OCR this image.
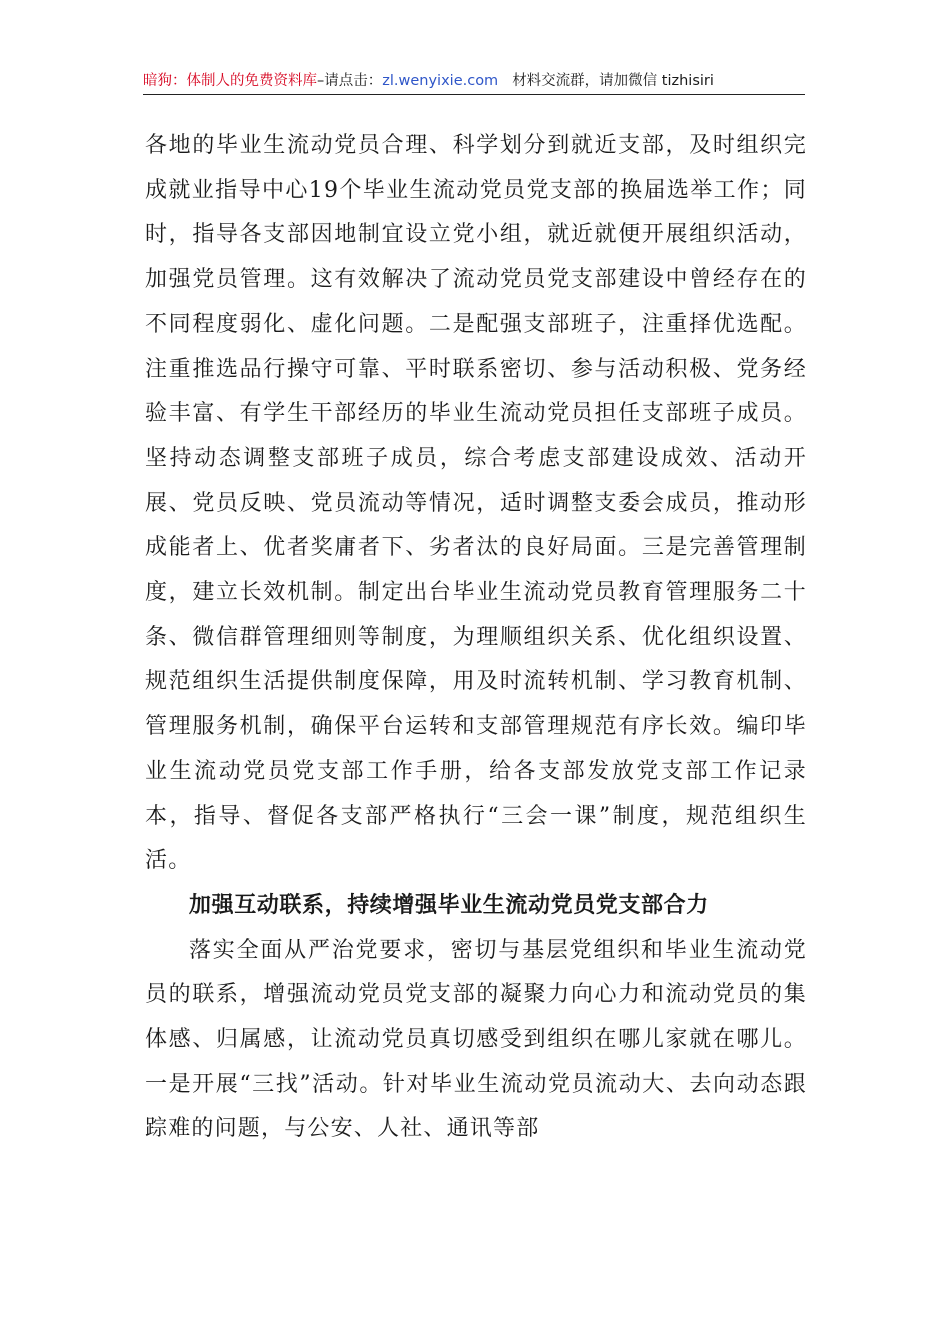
暗狗：体制人的免费资料库–请点击：zl.wenyixie.com 材料交流群，请加微信 tizhisiri

各地的毕业生流动党员合理、科学划分到就近支部，及时组织完成就业指导中心19个毕业生流动党员党支部的换届选举工作；同时，指导各支部因地制宜设立党小组，就近就便开展组织活动，加强党员管理。这有效解决了流动党员党支部建设中曾经存在的不同程度弱化、虚化问题。二是配强支部班子，注重择优选配。注重推选品行操守可靠、平时联系密切、参与活动积极、党务经验丰富、有学生干部经历的毕业生流动党员担任支部班子成员。坚持动态调整支部班子成员，综合考虑支部建设成效、活动开展、党员反映、党员流动等情况，适时调整支委会成员，推动形成能者上、优者奖庸者下、劣者汰的良好局面。三是完善管理制度，建立长效机制。制定出台毕业生流动党员教育管理服务二十条、微信群管理细则等制度，为理顺组织关系、优化组织设置、规范组织生活提供制度保障，用及时流转机制、学习教育机制、管理服务机制，确保平台运转和支部管理规范有序长效。编印毕业生流动党员党支部工作手册，给各支部发放党支部工作记录本，指导、督促各支部严格执行“三会一课”制度，规范组织生活。

加强互动联系，持续增强毕业生流动党员党支部合力

落实全面从严治党要求，密切与基层党组织和毕业生流动党员的联系，增强流动党员党支部的凝聚力向心力和流动党员的集体感、归属感，让流动党员真切感受到组织在哪儿家就在哪儿。一是开展“三找”活动。针对毕业生流动党员流动大、去向动态跟踪难的问题，与公安、人社、通讯等部
